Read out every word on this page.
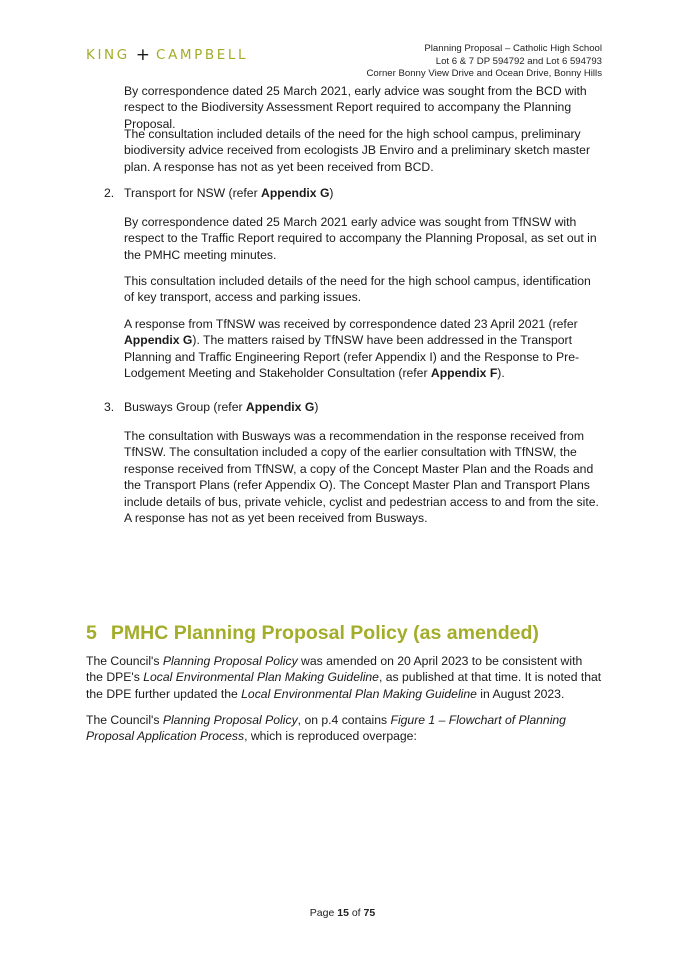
KING + CAMPBELL	Planning Proposal – Catholic High School
Lot 6 & 7 DP 594792 and Lot 6 594793
Corner Bonny View Drive and Ocean Drive, Bonny Hills
By correspondence dated 25 March 2021, early advice was sought from the BCD with respect to the Biodiversity Assessment Report required to accompany the Planning Proposal.
The consultation included details of the need for the high school campus, preliminary biodiversity advice received from ecologists JB Enviro and a preliminary sketch master plan. A response has not as yet been received from BCD.
2. Transport for NSW (refer Appendix G)
By correspondence dated 25 March 2021 early advice was sought from TfNSW with respect to the Traffic Report required to accompany the Planning Proposal, as set out in the PMHC meeting minutes.
This consultation included details of the need for the high school campus, identification of key transport, access and parking issues.
A response from TfNSW was received by correspondence dated 23 April 2021 (refer Appendix G). The matters raised by TfNSW have been addressed in the Transport Planning and Traffic Engineering Report (refer Appendix I) and the Response to Pre-Lodgement Meeting and Stakeholder Consultation (refer Appendix F).
3. Busways Group (refer Appendix G)
The consultation with Busways was a recommendation in the response received from TfNSW. The consultation included a copy of the earlier consultation with TfNSW, the response received from TfNSW, a copy of the Concept Master Plan and the Roads and the Transport Plans (refer Appendix O). The Concept Master Plan and Transport Plans include details of bus, private vehicle, cyclist and pedestrian access to and from the site. A response has not as yet been received from Busways.
5 PMHC Planning Proposal Policy (as amended)
The Council's Planning Proposal Policy was amended on 20 April 2023 to be consistent with the DPE's Local Environmental Plan Making Guideline, as published at that time. It is noted that the DPE further updated the Local Environmental Plan Making Guideline in August 2023.
The Council's Planning Proposal Policy, on p.4 contains Figure 1 – Flowchart of Planning Proposal Application Process, which is reproduced overpage:
Page 15 of 75
